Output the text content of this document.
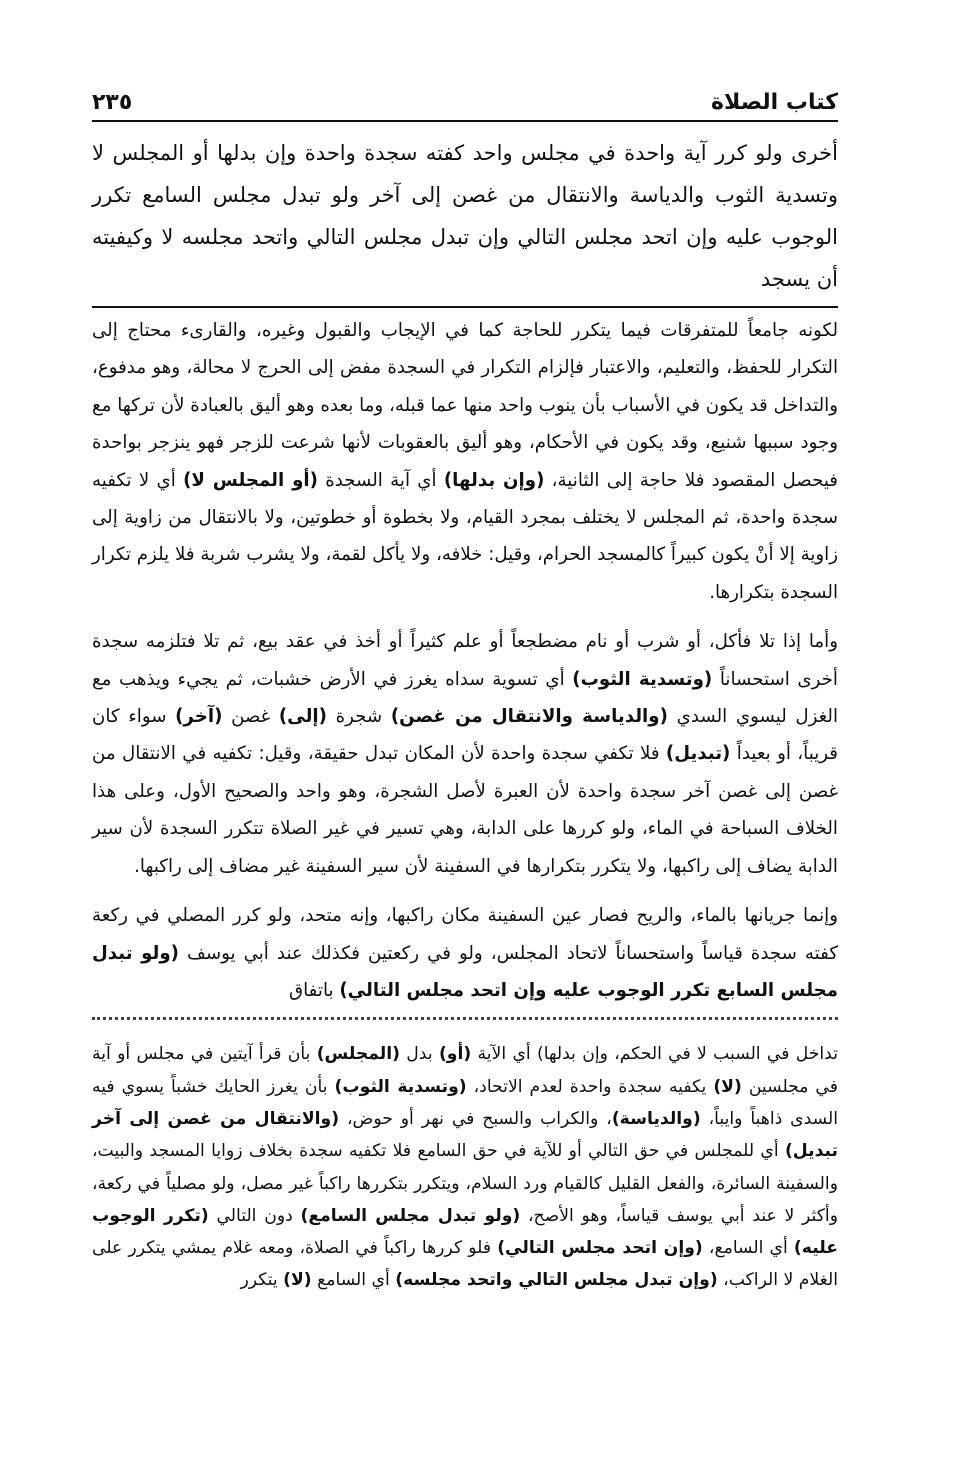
كتاب الصلاة
٢٣٥

أخرى ولو كرر آية واحدة في مجلس واحد كفته سجدة واحدة وإن بدلها أو المجلس لا وتسدية الثوب والدياسة والانتقال من غصن إلى آخر ولو تبدل مجلس السامع تكرر الوجوب عليه وإن اتحد مجلس التالي وإن تبدل مجلس التالي واتحد مجلسه لا وكيفيته أن يسجد

لكونه جامعاً للمتفرقات فيما يتكرر للحاجة كما في الإيجاب والقبول وغيره، والقارىء محتاج إلى التكرار للحفظ، والتعليم، والاعتبار فإلزام التكرار في السجدة مفض إلى الحرج لا محالة، وهو مدفوع، والتداخل قد يكون في الأسباب بأن ينوب واحد منها عما قبله، وما بعده وهو أليق بالعبادة لأن تركها مع وجود سببها شنيع، وقد يكون في الأحكام، وهو أليق بالعقوبات لأنها شرعت للزجر فهو ينزجر بواحدة فيحصل المقصود فلا حاجة إلى الثانية، (وإن بدلها) أي آية السجدة (أو المجلس لا) أي لا تكفيه سجدة واحدة، ثم المجلس لا يختلف بمجرد القيام، ولا بخطوة أو خطوتين، ولا بالانتقال من زاوية إلى زاوية إلا أنْ يكون كبيراً كالمسجد الحرام، وقيل: خلافه، ولا يأكل لقمة، ولا يشرب شربة فلا يلزم تكرار السجدة بتكرارها.

وأما إذا تلا فأكل، أو شرب أو نام مضطجعاً أو علم كثيراً أو أخذ في عقد بيع، ثم تلا فتلزمه سجدة أخرى استحساناً (وتسدية الثوب) أي تسوية سداه يغرز في الأرض خشبات، ثم يجيء ويذهب مع الغزل ليسوي السدي (والدياسة والانتقال من غصن) شجرة (إلى) غصن (آخر) سواء كان قريباً، أو بعيداً (تبديل) فلا تكفي سجدة واحدة لأن المكان تبدل حقيقة، وقيل: تكفيه في الانتقال من غصن إلى غصن آخر سجدة واحدة لأن العبرة لأصل الشجرة، وهو واحد والصحيح الأول، وعلى هذا الخلاف السباحة في الماء، ولو كررها على الدابة، وهي تسير في غير الصلاة تتكرر السجدة لأن سير الدابة يضاف إلى راكبها، ولا يتكرر بتكرارها في السفينة لأن سير السفينة غير مضاف إلى راكبها.

وإنما جريانها بالماء، والريح فصار عين السفينة مكان راكبها، وإنه متحد، ولو كرر المصلي في ركعة كفته سجدة قياساً واستحساناً لاتحاد المجلس، ولو في ركعتين فكذلك عند أبي يوسف (ولو تبدل مجلس السابع تكرر الوجوب عليه وإن اتحد مجلس التالي) باتفاق

تداخل في السبب لا في الحكم، وإن بدلها) أي الآية (أو) بدل (المجلس) بأن قرأ آيتين في مجلس أو آية في مجلسين (لا) يكفيه سجدة واحدة لعدم الاتحاد، (وتسدية الثوب) بأن يغرز الحايك خشباً يسوي فيه السدى ذاهباً وايباً، (والدياسة)، والكراب والسبح في نهر أو حوض، (والانتقال من غصن إلى آخر تبديل) أي للمجلس في حق التالي أو للآية في حق السامع فلا تكفيه سجدة بخلاف زوايا المسجد والبيت، والسفينة السائرة، والفعل القليل كالقيام ورد السلام، ويتكرر بتكررها راكباً غير مصل، ولو مصلياً في ركعة، وأكثر لا عند أبي يوسف قياساً، وهو الأصح، (ولو تبدل مجلس السامع) دون التالي (تكرر الوجوب عليه) أي السامع، (وإن اتحد مجلس التالي) فلو كررها راكباً في الصلاة، ومعه غلام يمشي يتكرر على الغلام لا الراكب، (وإن تبدل مجلس التالي واتحد مجلسه) أي السامع (لا) يتكرر
